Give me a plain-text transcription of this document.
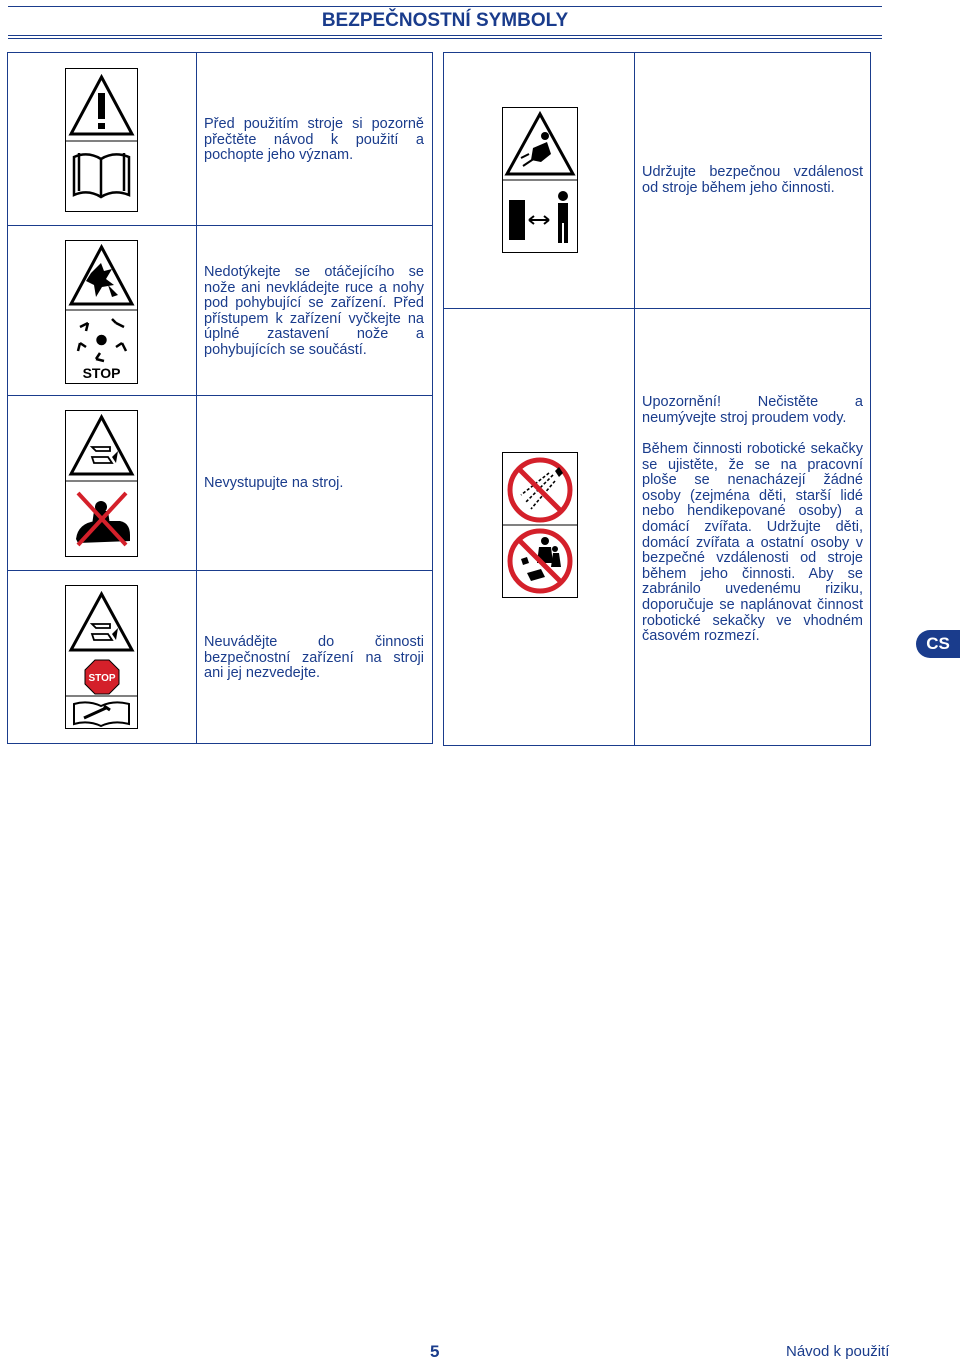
BEZPEČNOSTNÍ SYMBOLY
Před použitím stroje si pozorně přečtěte návod k použití a pochopte jeho význam.
STOP
Nedotýkejte se otáčejícího se nože ani nevkládejte ruce a nohy pod pohybující se zařízení. Před přístupem k zařízení vyčkejte na úplné zastavení nože a pohybujících se součástí.
Nevystupujte na stroj.
STOP
Neuvádějte do činnosti bezpečnostní zařízení na stroji ani jej nezvedejte.
Udržujte bezpečnou vzdálenost od stroje během jeho činnosti.
Upozornění! Nečistěte a neumývejte stroj proudem vody.
Během činnosti robotické sekačky se ujistěte, že se na pracovní ploše se nenacházejí žádné osoby (zejména děti, starší lidé nebo hendikepované osoby) a domácí zvířata. Udržujte děti, domácí zvířata a ostatní osoby v bezpečné vzdálenosti od stroje během jeho činnosti. Aby se zabránilo uvedenému riziku, doporučuje se naplánovat činnost robotické sekačky ve vhodném časovém rozmezí.	CS
5	Návod k použití
